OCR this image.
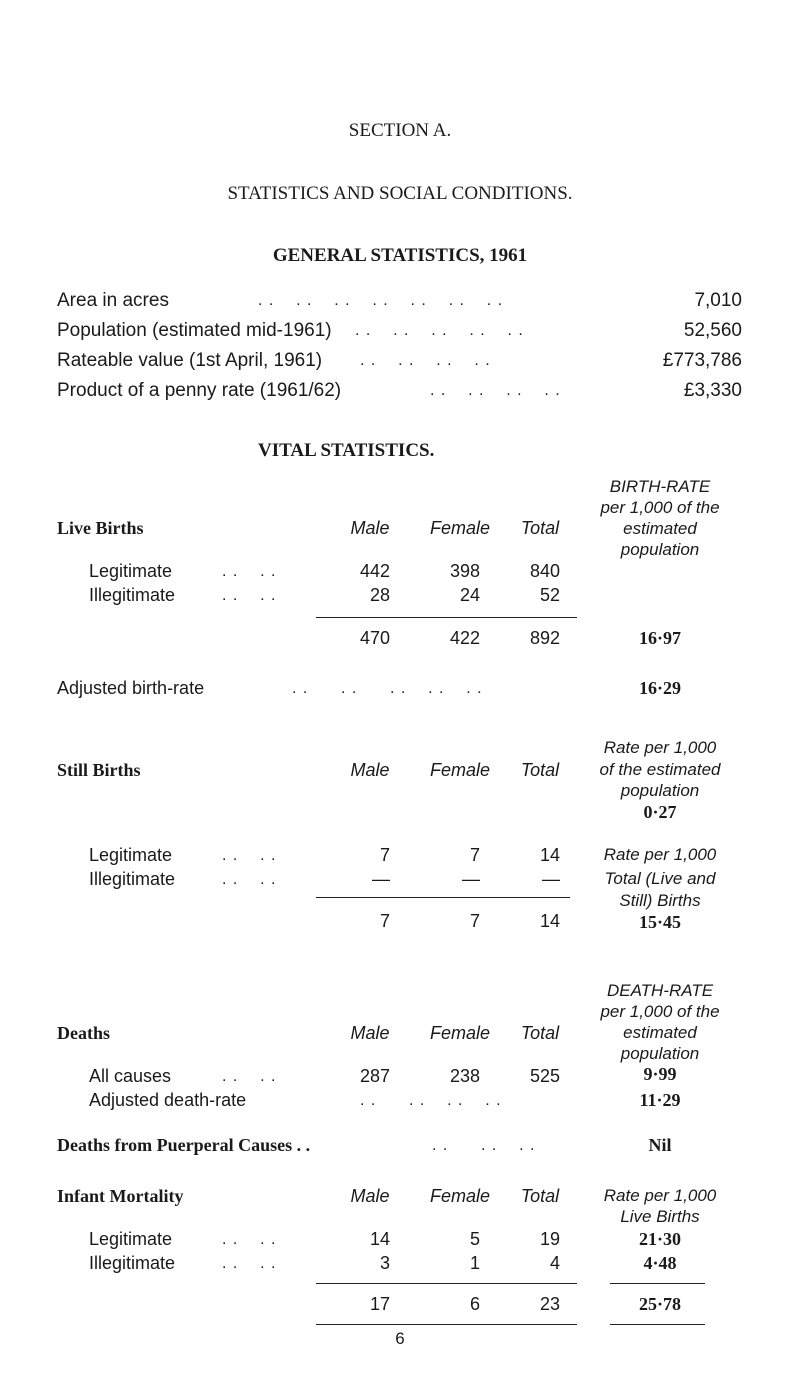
SECTION A.
STATISTICS AND SOCIAL CONDITIONS.
GENERAL STATISTICS, 1961
Area in acres	. .    . .    . .    . .    . .    . .    . .	7,010
Population (estimated mid-1961) . .    . .    . .    . .    . .	52,560
Rateable value (1st April, 1961) . .    . .    . .    . .	£773,786
Product of a penny rate (1961/62)	. .    . .    . .    . .	£3,330
VITAL STATISTICS.
BIRTH-RATE
per 1,000 of the
Live Births	Male	Female	Total	estimated
population
Legitimate	. .    . .	442	398	840
Illegitimate	. .    . .	28	24	52
470	422	892	16·97
Adjusted birth-rate	. .      . .      . .    . .    . .	16·29
Rate per 1,000
Still Births	Male	Female	Total	of the estimated
population
0·27
Legitimate	. .    . .	7	7	14	Rate per 1,000
Illegitimate	. .    . .	—	—	—	Total (Live and
Still) Births
7	7	14	15·45
DEATH-RATE
per 1,000 of the
Deaths	Male	Female	Total	estimated
population
All causes	. .    . .	287	238	525	9·99
Adjusted death-rate	. .      . .    . .    . .	11·29
Deaths from Puerperal Causes . .	. .      . .    . .	Nil
Infant Mortality	Male	Female	Total	Rate per 1,000
Live Births
Legitimate	. .    . .	14	5	19	21·30
Illegitimate	. .    . .	3	1	4	4·48
17	6	23	25·78
6
